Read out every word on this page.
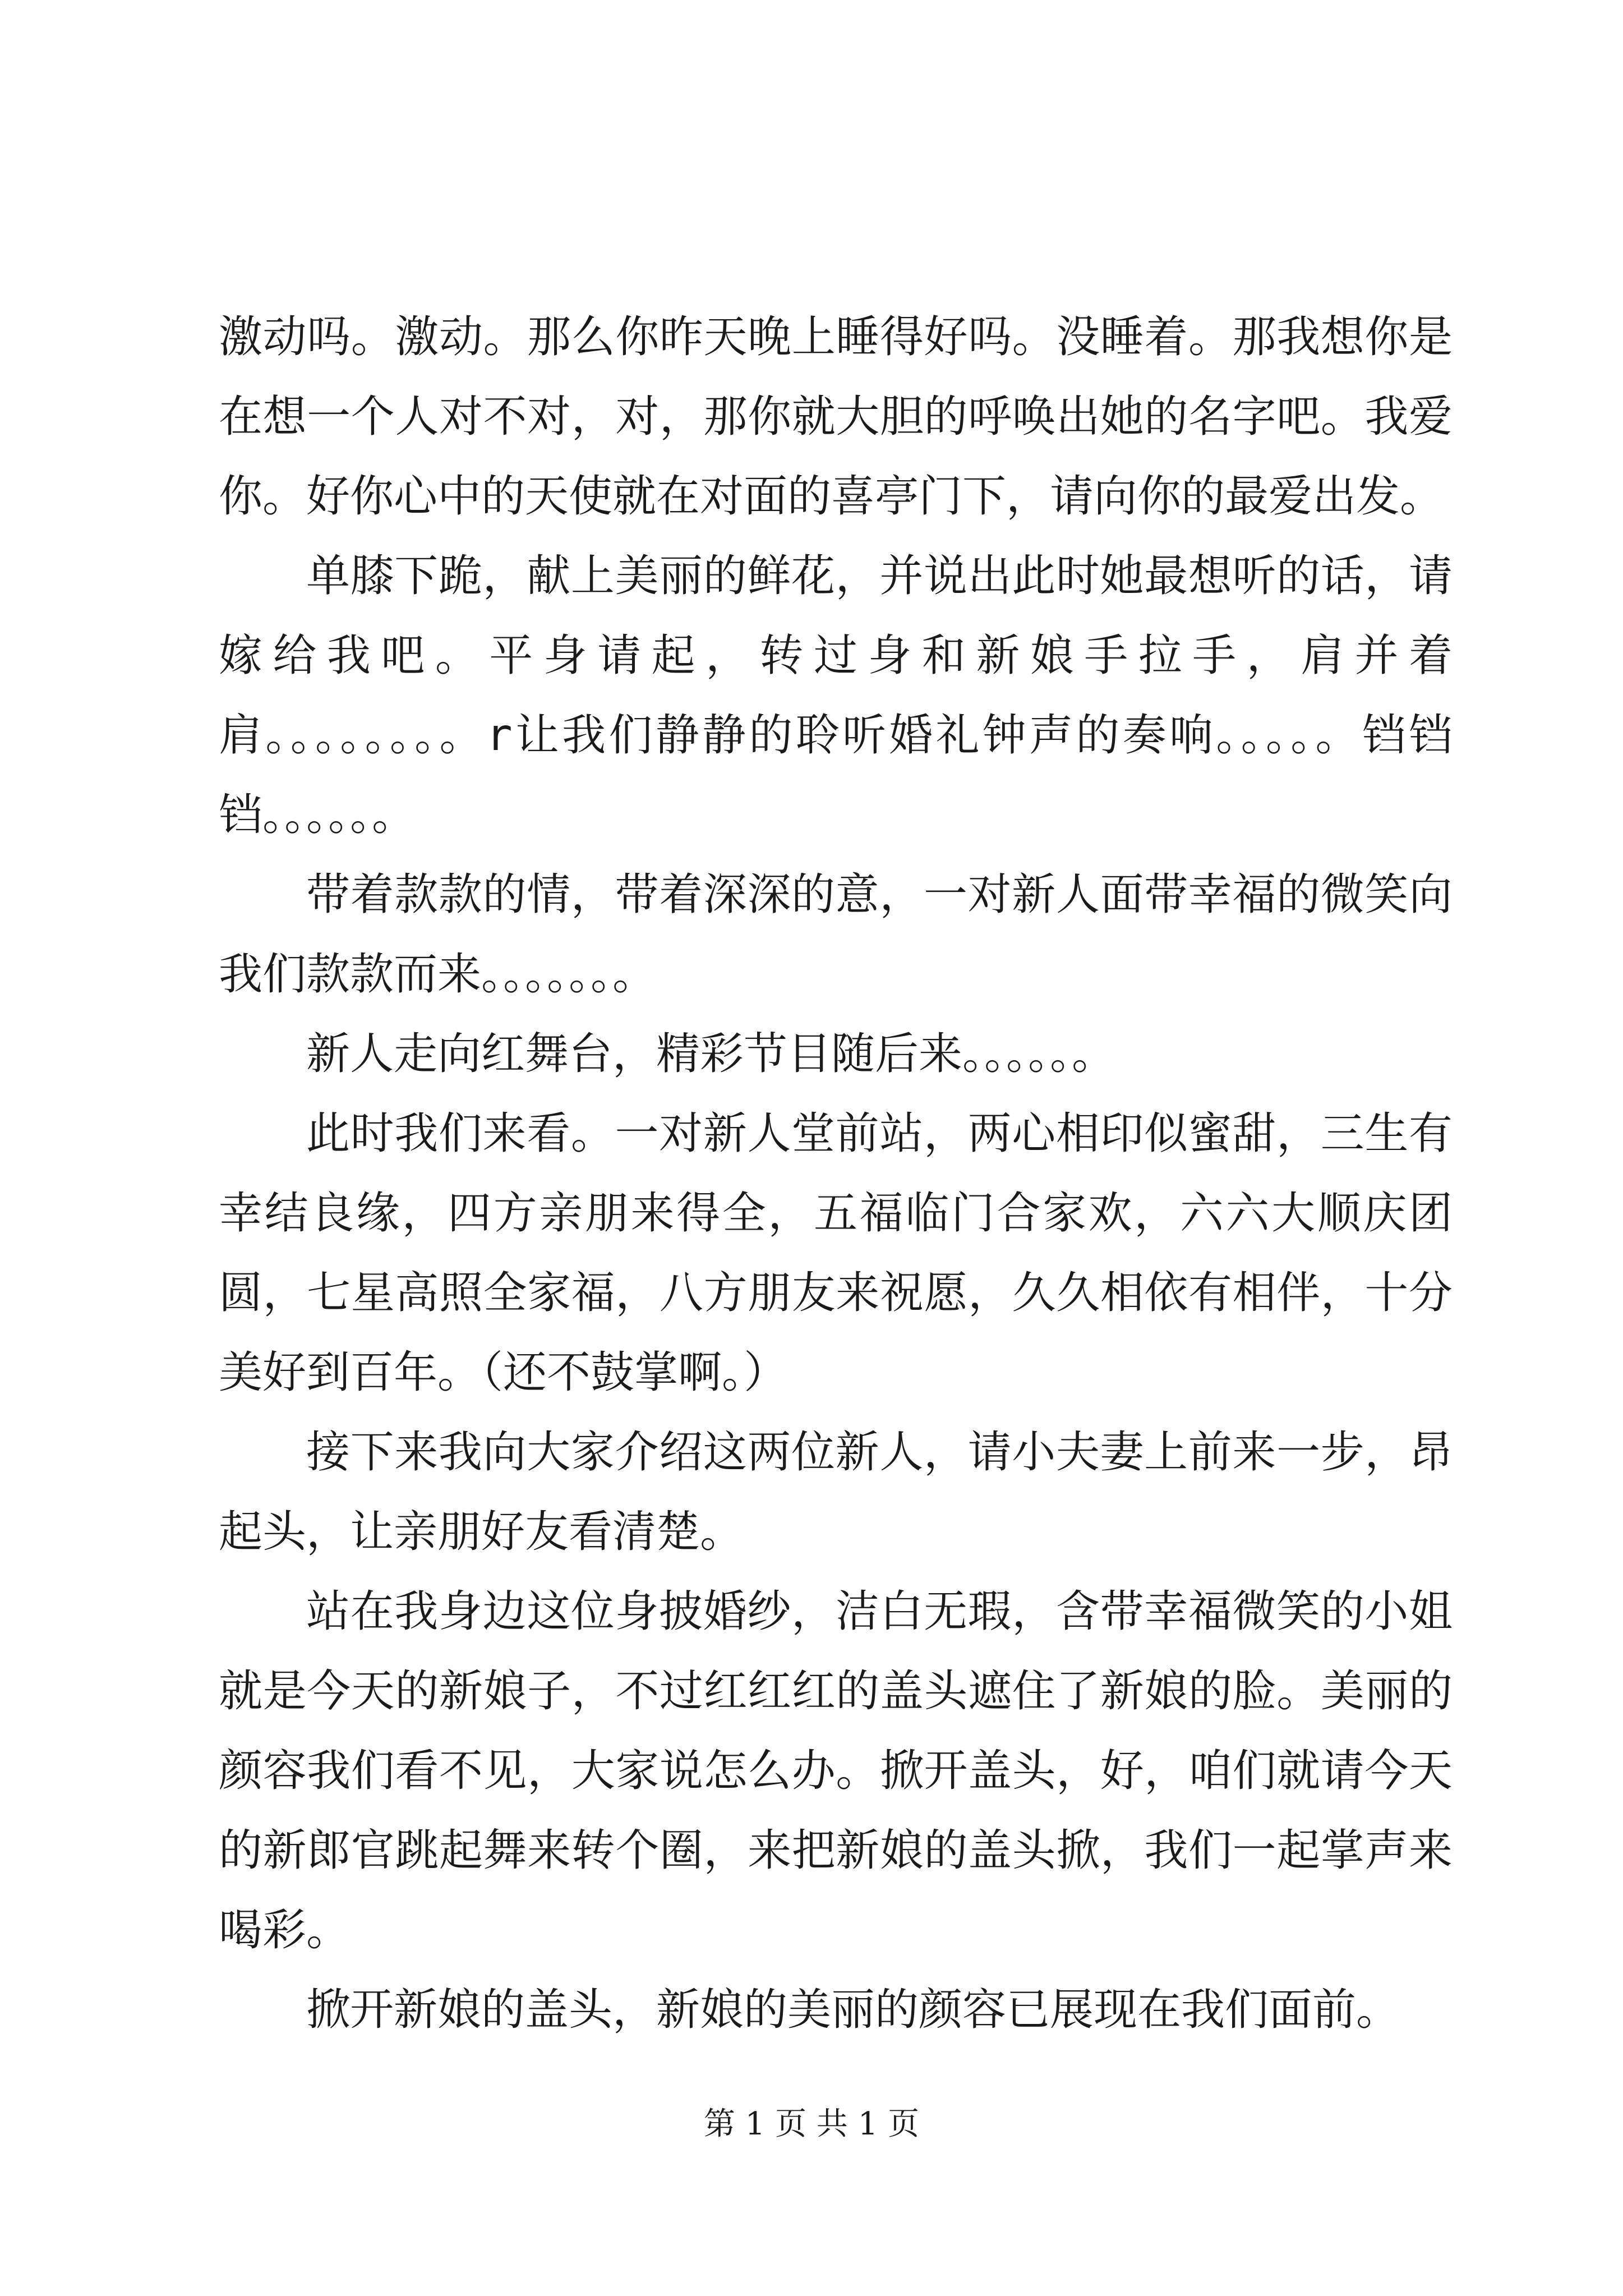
激动吗。激动。那么你昨天晚上睡得好吗。没睡着。那我想你是在想一个人对不对，对，那你就大胆的呼唤出她的名字吧。我爱你。好你心中的天使就在对面的喜亭门下，请向你的最爱出发。

单膝下跪，献上美丽的鲜花，并说出此时她最想听的话，请嫁给我吧。平身请起，转过身和新娘手拉手，肩并着肩。。。。。。。。r让我们静静的聆听婚礼钟声的奏响。。。。。铛铛铛。。。。。。

带着款款的情，带着深深的意，一对新人面带幸福的微笑向我们款款而来。。。。。。。

新人走向红舞台，精彩节目随后来。。。。。。

此时我们来看。一对新人堂前站，两心相印似蜜甜，三生有幸结良缘，四方亲朋来得全，五福临门合家欢，六六大顺庆团圆，七星高照全家福，八方朋友来祝愿，久久相依有相伴，十分美好到百年。（还不鼓掌啊。）

接下来我向大家介绍这两位新人，请小夫妻上前来一步，昂起头，让亲朋好友看清楚。

站在我身边这位身披婚纱，洁白无瑕，含带幸福微笑的小姐就是今天的新娘子，不过红红红的盖头遮住了新娘的脸。美丽的颜容我们看不见，大家说怎么办。掀开盖头，好，咱们就请今天的新郎官跳起舞来转个圈，来把新娘的盖头掀，我们一起掌声来喝彩。

掀开新娘的盖头，新娘的美丽的颜容已展现在我们面前。

第 1 页 共 1 页
